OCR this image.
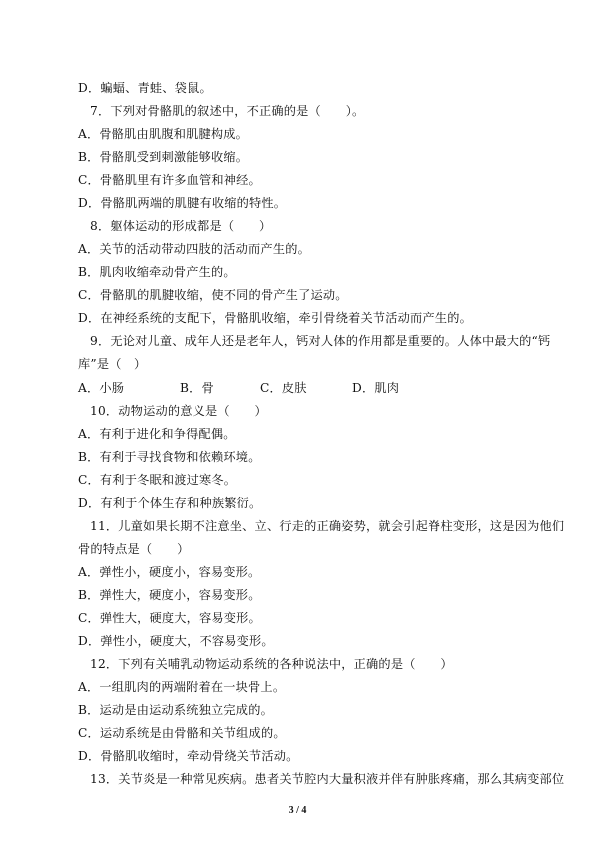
D．蝙蝠、青蛙、袋鼠。
7．下列对骨骼肌的叙述中，不正确的是（　　）。
A．骨骼肌由肌腹和肌腱构成。
B．骨骼肌受到刺激能够收缩。
C．骨骼肌里有许多血管和神经。
D．骨骼肌两端的肌腱有收缩的特性。
8．躯体运动的形成都是（　　）
A．关节的活动带动四肢的活动而产生的。
B．肌肉收缩牵动骨产生的。
C．骨骼肌的肌腱收缩，使不同的骨产生了运动。
D．在神经系统的支配下，骨骼肌收缩，牵引骨绕着关节活动而产生的。
9．无论对儿童、成年人还是老年人，钙对人体的作用都是重要的。人体中最大的“钙
库”是（　）
A．小肠	B．骨	C．皮肤	D．肌肉
10．动物运动的意义是（　　）
A．有利于进化和争得配偶。
B．有利于寻找食物和依赖环境。
C．有利于冬眠和渡过寒冬。
D．有利于个体生存和种族繁衍。
11．儿童如果长期不注意坐、立、行走的正确姿势，就会引起脊柱变形，这是因为他们
骨的特点是（　　）
A．弹性小，硬度小，容易变形。
B．弹性大，硬度小，容易变形。
C．弹性大，硬度大，容易变形。
D．弹性小，硬度大，不容易变形。
12．下列有关哺乳动物运动系统的各种说法中，正确的是（　　）
A．一组肌肉的两端附着在一块骨上。
B．运动是由运动系统独立完成的。
C．运动系统是由骨骼和关节组成的。
D．骨骼肌收缩时，牵动骨绕关节活动。
13．关节炎是一种常见疾病。患者关节腔内大量积液并伴有肿胀疼痛，那么其病变部位
3 / 4
